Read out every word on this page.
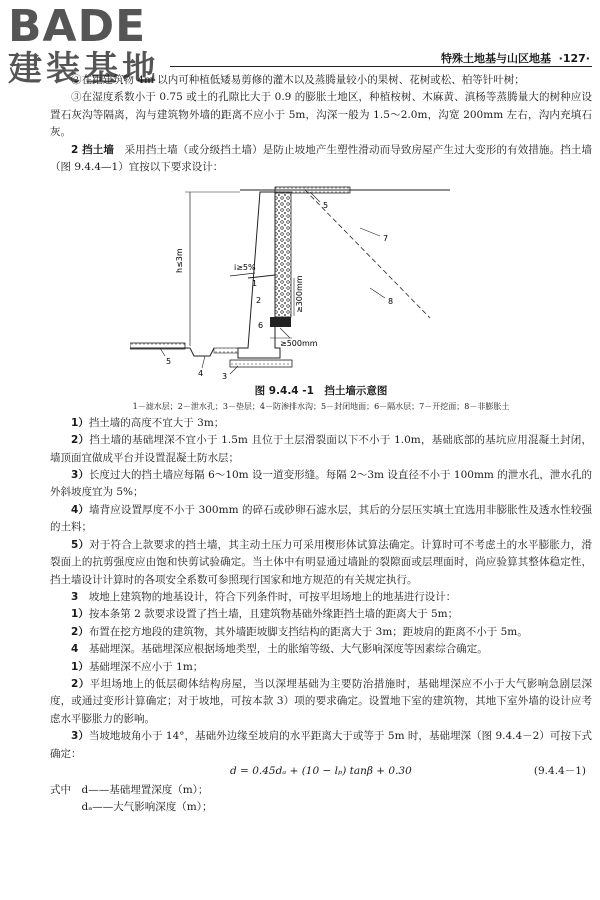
BADE
建装基地	特殊土地基与山区地基 ·127·

②在距建筑物 4m 以内可种植低矮易剪修的灌木以及蒸腾量较小的果树、花树或松、柏等针叶树；

③在湿度系数小于 0.75 或土的孔隙比大于 0.9 的膨胀土地区，种植桉树、木麻黄、滇杨等蒸腾量大的树种应设置石灰沟等隔离，沟与建筑物外墙的距离不应小于 5m，沟深一般为 1.5～2.0m，沟宽 200mm 左右，沟内充填石灰。

2 挡土墙　 采用挡土墙（或分级挡土墙）是防止坡地产生塑性滑动而导致房屋产生过大变形的有效措施。挡土墙（图 9.4.4—1）宜按以下要求设计：

h≤3m	i≥5%
≥300mm
≥500mm
5
7
8
1
2
6
5
4 3
图 9.4.4 -1　挡土墙示意图
1－滤水层；2－泄水孔；3－垫层；4－防渗排水沟；5－封闭地面；6－隔水层；7－开挖面；8－非膨胀土

1）挡土墙的高度不宜大于 3m；

2）挡土墙的基础埋深不宜小于 1.5m 且位于土层滑裂面以下不小于 1.0m，基础底部的基坑应用混凝土封闭，墙顶面宜做成平台并设置混凝土防水层；

3）长度过大的挡土墙应每隔 6～10m 设一道变形缝。每隔 2～3m 设直径不小于 100mm 的泄水孔，泄水孔的外斜坡度宜为 5%；

4）墙背应设置厚度不小于 300mm 的碎石或砂卵石滤水层，其后的分层压实填土宜选用非膨胀性及透水性较强的土料；

5）对于符合上款要求的挡土墙，其主动土压力可采用楔形体试算法确定。计算时可不考虑土的水平膨胀力，滑裂面上的抗剪强度应由饱和快剪试验确定。当土体中有明显通过墙趾的裂隙面或层理面时，尚应验算其整体稳定性，挡土墙设计计算时的各项安全系数可参照现行国家和地方规范的有关规定执行。

3　 坡地上建筑物的地基设计，符合下列条件时，可按平坦场地上的地基进行设计：

1）按本条第 2 款要求设置了挡土墙，且建筑物基础外缘距挡土墙的距离大于 5m；

2）布置在挖方地段的建筑物，其外墙距坡脚支挡结构的距离大于 3m；距坡肩的距离不小于 5m。

4　 基础埋深。基础埋深应根据场地类型，土的胀缩等级、大气影响深度等因素综合确定。

1）基础埋深不应小于 1m；

2）平坦场地上的低层砌体结构房屋，当以深埋基础为主要防治措施时，基础埋深应不小于大气影响急剧层深度，或通过变形计算确定；对于坡地，可按本款 3）项的要求确定。设置地下室的建筑物，其地下室外墙的设计应考虑水平膨胀力的影响。

3）当坡地坡角小于 14°，基础外边缘至坡肩的水平距离大于或等于 5m 时，基础埋深（图 9.4.4－2）可按下式确定：

d = 0.45dₐ + (10 − lₚ) tanβ + 0.30	(9.4.4－1)

式中　d——基础埋置深度（m）；

　　　dₐ——大气影响深度（m）；
